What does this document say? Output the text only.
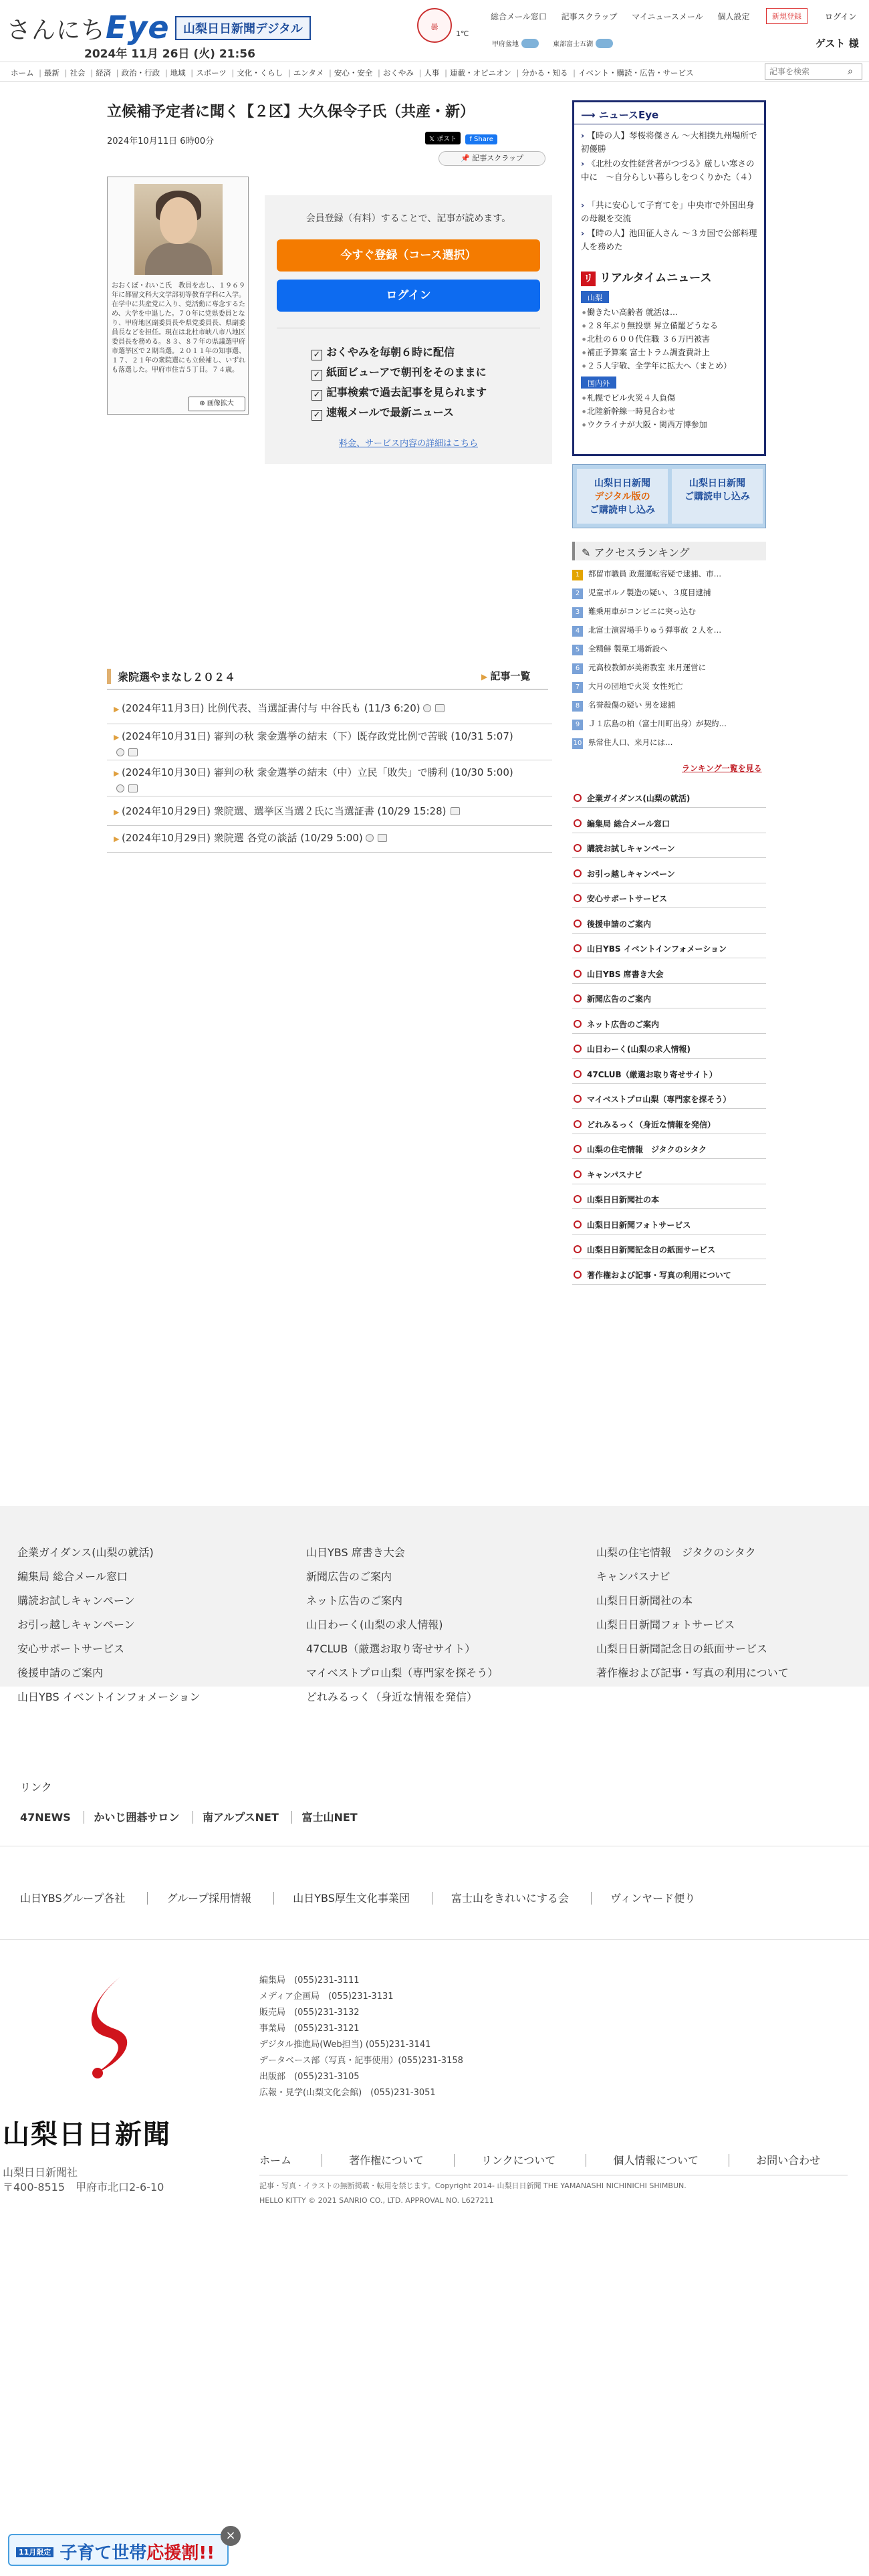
さんにちEye	山梨日日新聞デジタル
2024年 11月 26日 (火) 21:56
曇
1℃
甲府盆地	東部富士五湖
総合メール窓口 記事スクラップ マイニュースメール 個人設定	新規登録	ログイン
ゲスト 様
ホーム | 最新 | 社会 | 経済 | 政治・行政 | 地域 | スポーツ | 文化・くらし | エンタメ | 安心・安全 | おくやみ | 人事 | 連載・オピニオン | 分かる・知る | イベント・購読・広告・サービス
記事を検索	⌕
立候補予定者に聞く【２区】大久保令子氏（共産・新）
2024年10月11日 6時00分	𝕏 ポスト f Share
📌 記事スクラップ
おおくぼ・れいこ氏　教員を志し、１９６９年に都留文科大文学部初等教育学科に入学。在学中に共産党に入り、党活動に専念するため、大学を中退した。７０年に党県委員となり、甲府地区副委員長や県党委員長、県副委員長などを担任。現在は北杜市峡八市八地区委員長を務める。８３、８７年の県議選甲府市選挙区で２期当選。２０１１年の知事選、１７、２１年の衆院選にも立候補し、いずれも落選した。甲府市住吉５丁目。７４歳。
⊕ 画像拡大
会員登録（有料）することで、記事が読めます。
今すぐ登録（コース選択）
ログイン
✓ おくやみを毎朝６時に配信
✓ 紙面ビューアで朝刊をそのままに
✓ 記事検索で過去記事を見られます
✓ 速報メールで最新ニュース
料金、サービス内容の詳細はこちら
衆院選やまなし２０２４
▶	記事一覧
▶ (2024年11月3日) 比例代表、当選証書付与 中谷氏も (11/3 6:20)
▶ (2024年10月31日) 審判の秋 衆金選挙の結末（下）既存政党比例で苦戦 (10/31 5:07)

▶ (2024年10月30日) 審判の秋 衆金選挙の結末（中）立民「敗失」で勝利 (10/30 5:00)

▶ (2024年10月29日) 衆院選、選挙区当選２氏に当選証書 (10/29 15:28)
▶ (2024年10月29日) 衆院選 各党の談話 (10/29 5:00)
⟶ ニュースEye
› 【時の人】琴桜将傑さん ～大相撲九州場所で初優勝
› 《北杜の女性経営者がつづる》厳しい寒さの中に　～自分らしい暮らしをつくりかた（４）
› 「共に安心して子育てを」中央市で外国出身の母親を交流
› 【時の人】池田征人さん ～３カ国で公部料理人を務めた
リ リアルタイムニュース
山梨
● 働きたい高齢者 就活は…
● ２８年ぶり無投票 昇立備罷どうなる
● 北杜の６００代住職 ３６万円被害
● 補正予算案 富士トラム調査費計上
● ２５人宇敬、全学年に拡大へ（まとめ）
国内外
● 札幌でビル火災４人負傷
● 北陸新幹線一時見合わせ
● ウクライナが大阪・関西万博参加
山梨日日新聞
デジタル版の
ご購読申し込み
山梨日日新聞
ご購読申し込み
✎ アクセスランキング
1 都留市職員 政選運転容疑で逮捕、市…
2 児童ポルノ製造の疑い、３度目逮捕
3 難乗用車がコンビニに突っ込む
4 北富士演習場手りゅう弾事故 ２人を…
5 全精鮮 製菓工場新設へ
6 元高校教師が美術教室 来月運営に
7 大月の団地で火災 女性死亡
8 名誉殺傷の疑い 男を逮捕
9 Ｊ１広島の柏（富士川町出身）が契約…
10 県常住人口、来月には…
ランキング一覧を見る
企業ガイダンス(山梨の就活)
編集局 総合メール窓口
購読お試しキャンペーン
お引っ越しキャンペーン
安心サポートサービス
後援申請のご案内
山日YBS イベントインフォメーション
山日YBS 席書き大会
新聞広告のご案内
ネット広告のご案内
山日わーく(山梨の求人情報)
47CLUB（厳選お取り寄せサイト）
マイベストプロ山梨（専門家を探そう）
どれみるっく（身近な情報を発信）
山梨の住宅情報　ジタクのシタク
キャンパスナビ
山梨日日新聞社の本
山梨日日新聞フォトサービス
山梨日日新聞記念日の紙面サービス
著作権および記事・写真の利用について
企業ガイダンス(山梨の就活)
編集局 総合メール窓口
購読お試しキャンペーン
お引っ越しキャンペーン
安心サポートサービス
後援申請のご案内
山日YBS イベントインフォメーション
山日YBS 席書き大会
新聞広告のご案内
ネット広告のご案内
山日わーく(山梨の求人情報)
47CLUB（厳選お取り寄せサイト）
マイベストプロ山梨（専門家を探そう）
どれみるっく（身近な情報を発信）
山梨の住宅情報　ジタクのシタク
キャンパスナビ
山梨日日新聞社の本
山梨日日新聞フォトサービス
山梨日日新聞記念日の紙面サービス
著作権および記事・写真の利用について
リンク
47NEWS かいじ囲碁サロン 南アルプスNET 富士山NET
山日YBSグループ各社	グループ採用情報	山日YBS厚生文化事業団	富士山をきれいにする会	ヴィンヤード便り
山梨日日新聞
山梨日日新聞社
〒400-8515　甲府市北口2-6-10
編集局　(055)231-3111
メディア企画局　(055)231-3131
販売局　(055)231-3132
事業局　(055)231-3121
デジタル推進局(Web担当) (055)231-3141
データベース部（写真・記事使用）(055)231-3158
出版部　(055)231-3105
広報・見学(山梨文化会館)　(055)231-3051
ホーム	著作権について	リンクについて	個人情報について	お問い合わせ
記事・写真・イラストの無断掲載・転用を禁じます。Copyright 2014- 山梨日日新聞 THE YAMANASHI NICHINICHI SHIMBUN.
HELLO KITTY © 2021 SANRIO CO., LTD. APPROVAL NO. L627211
$^{11月限定}$ 子育て世帯応援割!!
×
